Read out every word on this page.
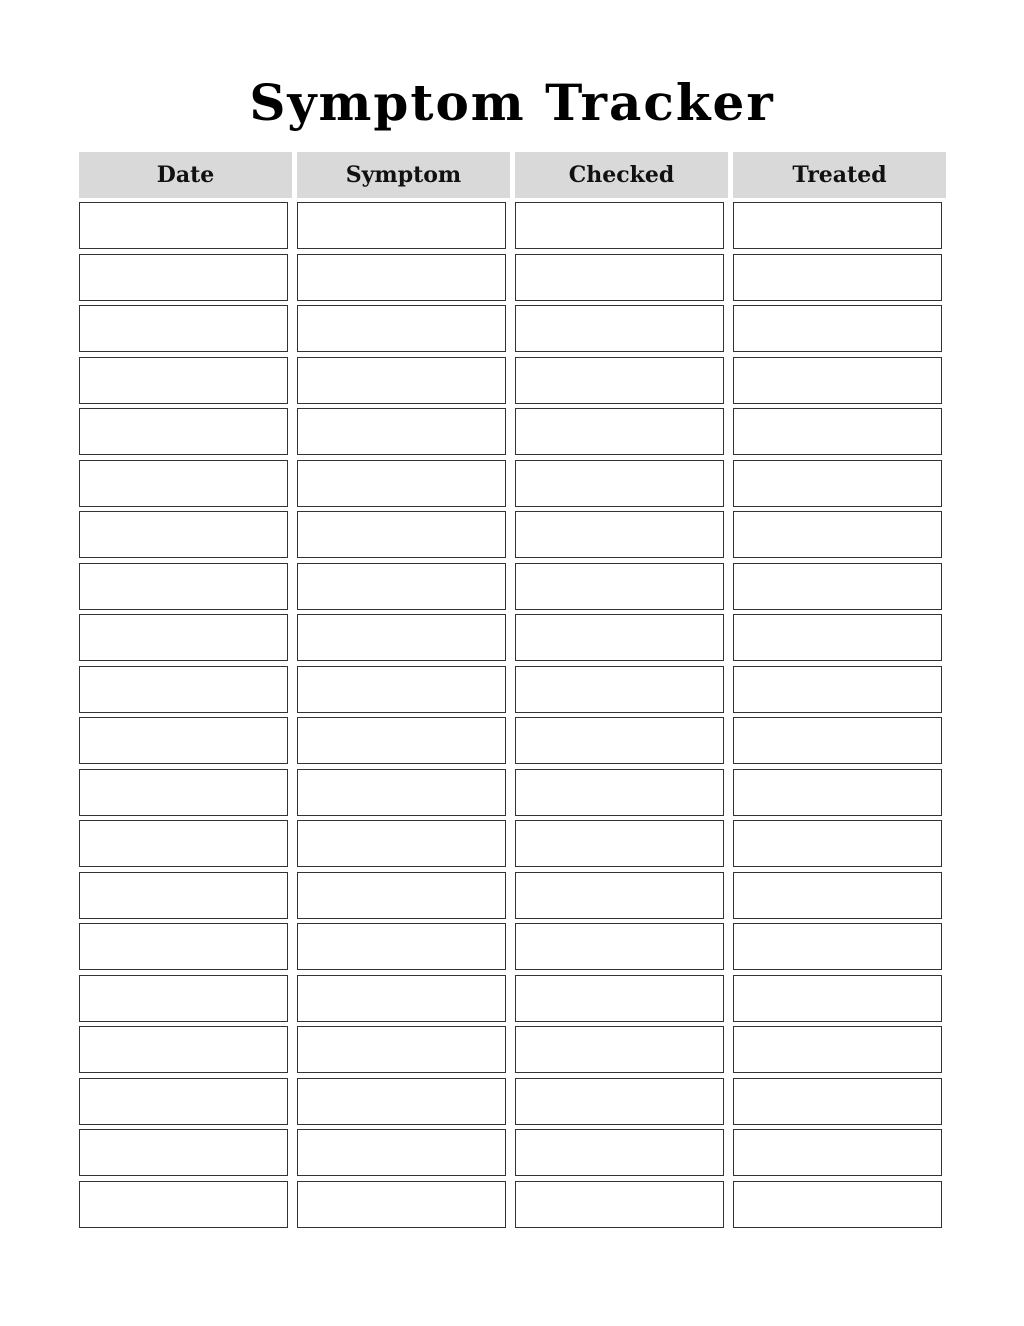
Symptom Tracker
Date	Symptom	Checked	Treated
